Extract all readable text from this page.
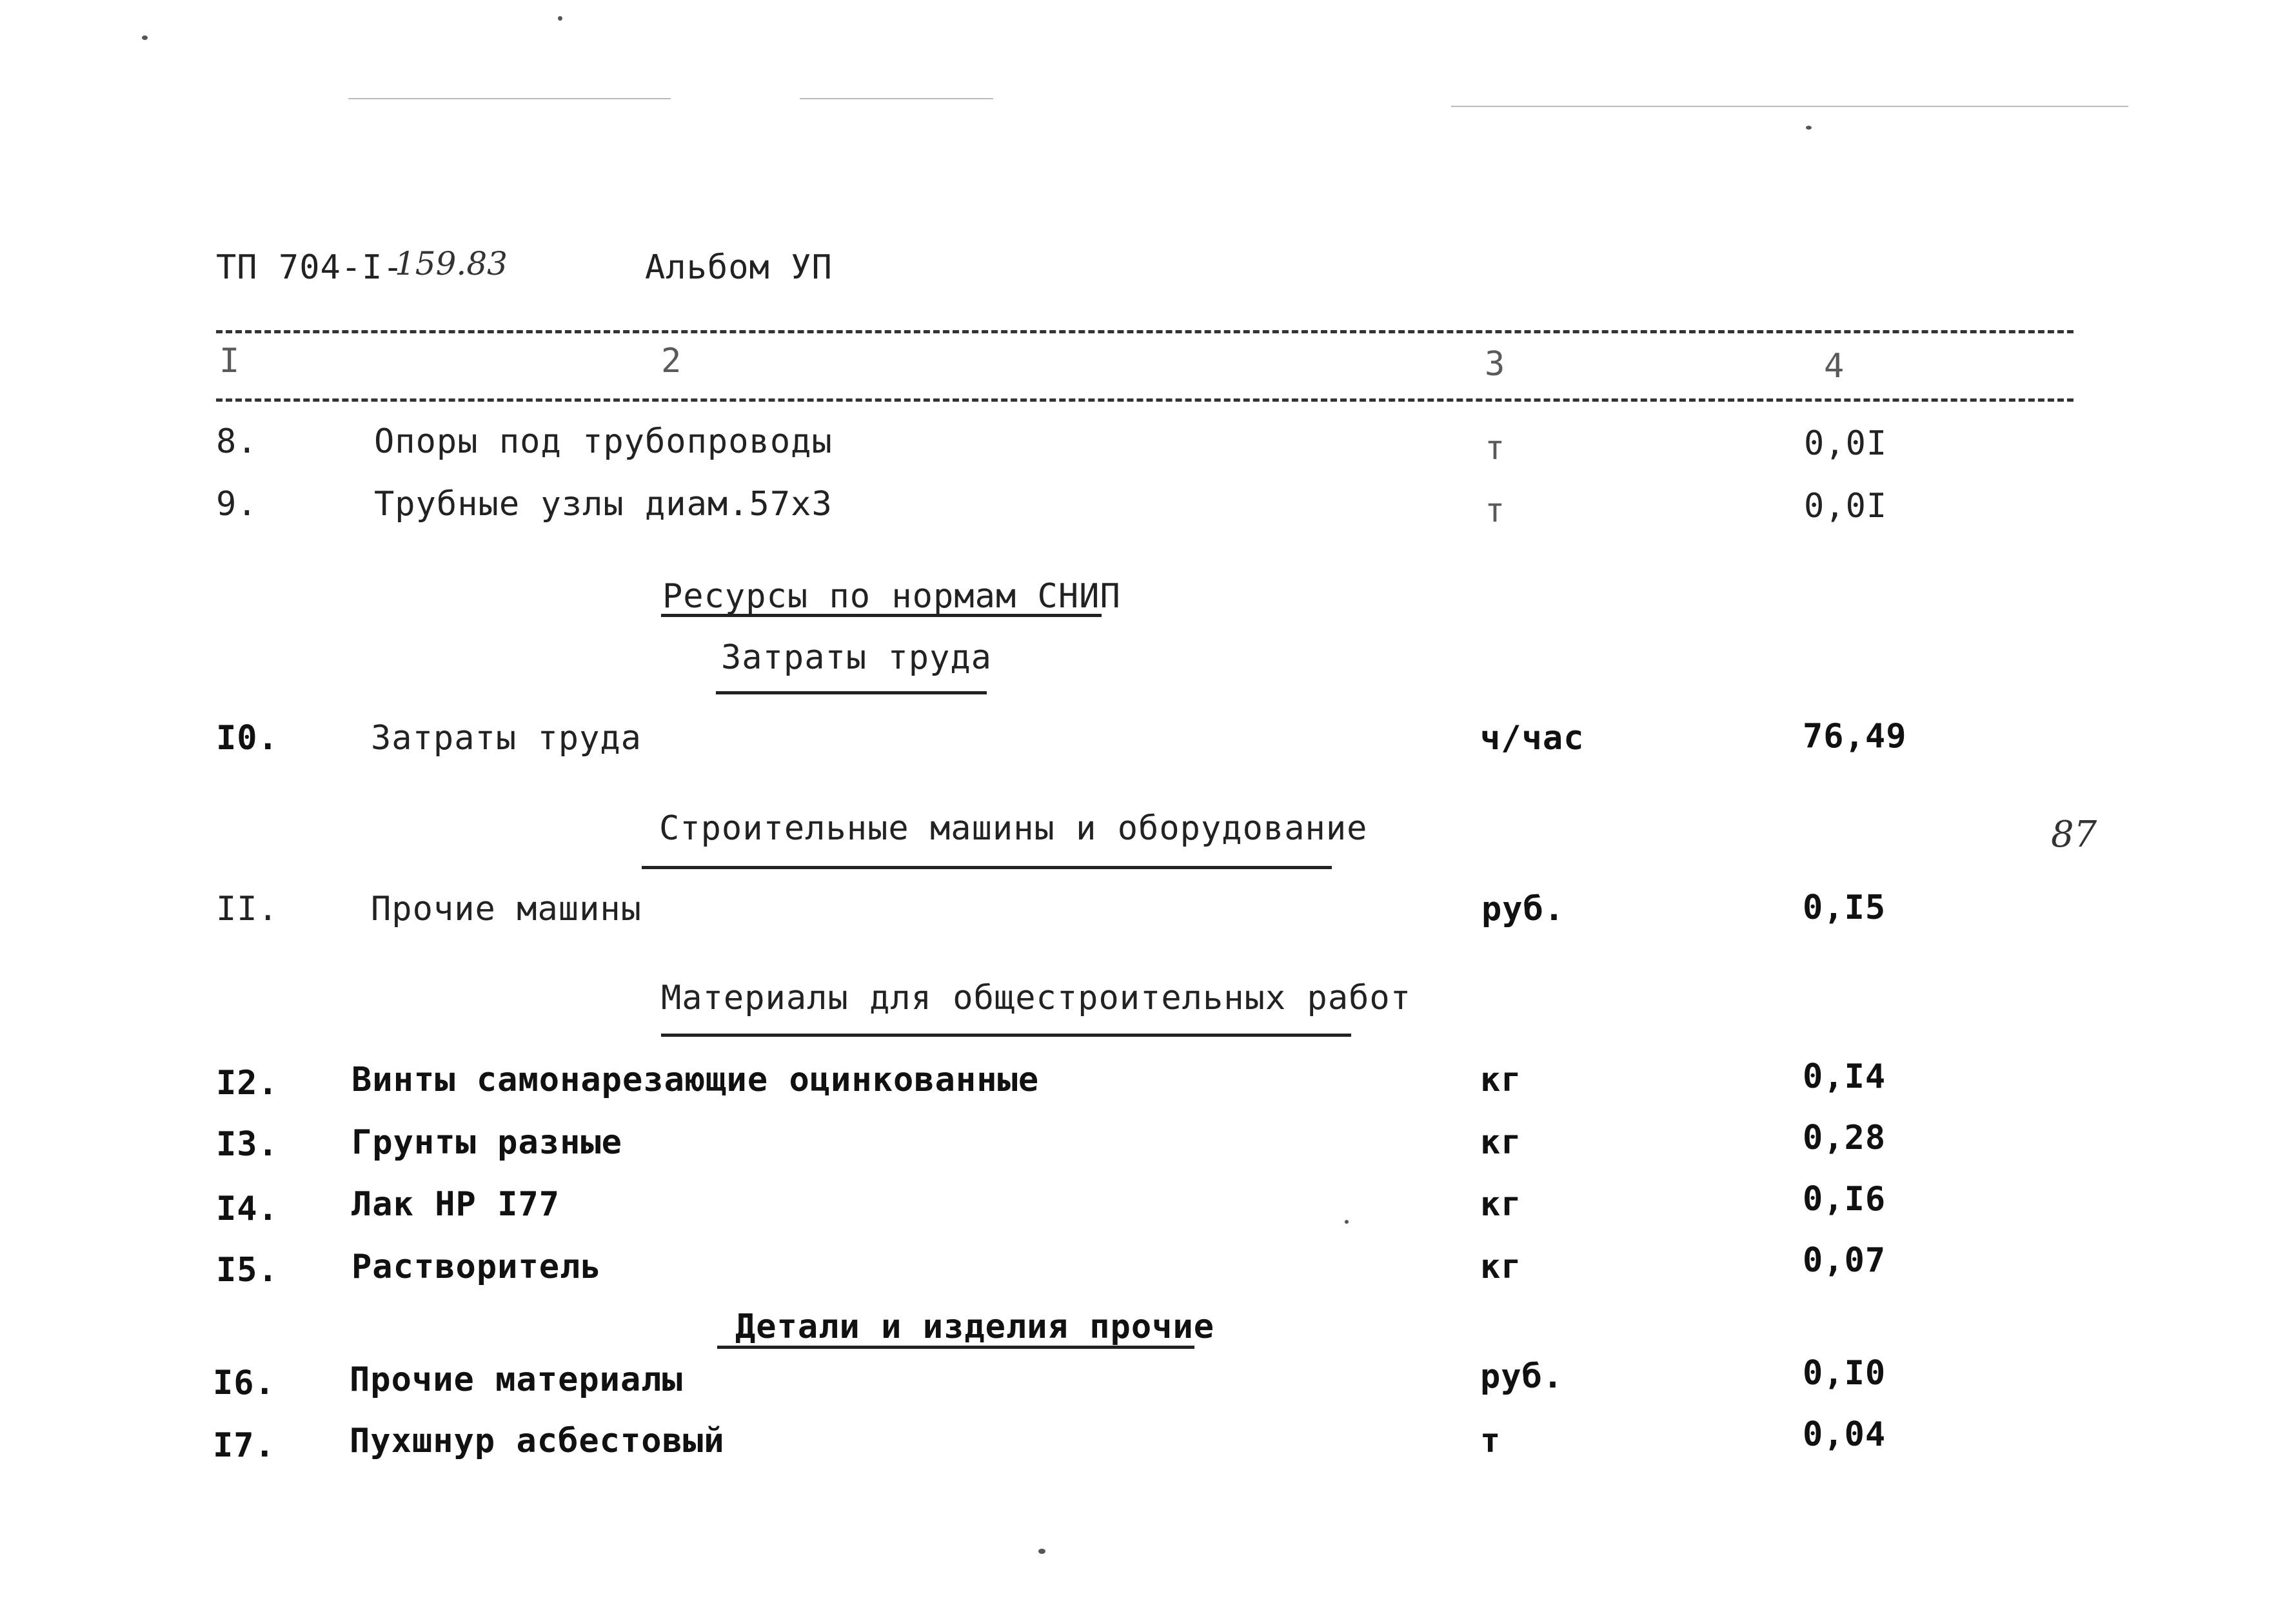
ТП 704-I-
159.83	Альбом УП
I	2	3	4
8.	Опоры под трубопроводы	т	0,0I
9.	Трубные узлы диам.57х3	т	0,0I
Ресурсы по нормам СНИП
Затраты труда
I0.	Затраты труда	ч/час	76,49
Строительные машины и оборудование	87
II.	Прочие машины	руб.	0,I5
Материалы для общестроительных работ
I2. Винты самонарезающие оцинкованные	кг	0,I4
I3. Грунты разные	кг	0,28
I4. Лак НР I77	кг	0,I6
I5. Растворитель	кг	0,07
Детали и изделия прочие
I6. Прочие материалы	руб.	0,I0
I7. Пухшнур асбестовый	т	0,04
